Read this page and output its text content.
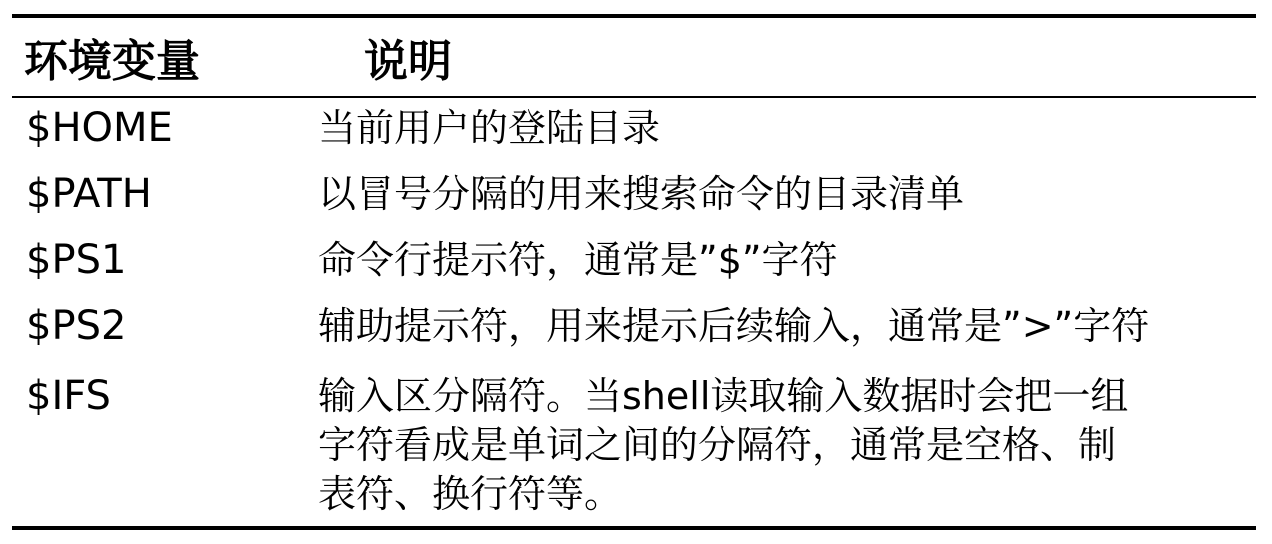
环境变量	说明
$HOME	当前用户的登陆目录
$PATH	以冒号分隔的用来搜索命令的目录清单
$PS1	命令行提示符，通常是”$”字符
$PS2	辅助提示符，用来提示后续输入，通常是”>”字符
$IFS	输入区分隔符。当shell读取输入数据时会把一组
字符看成是单词之间的分隔符，通常是空格、制
表符、换行符等。
